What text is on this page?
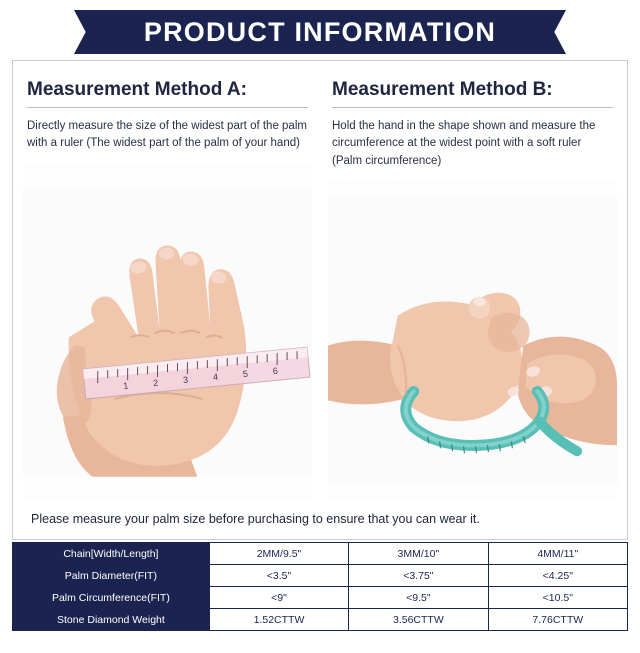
PRODUCT INFORMATION
Measurement Method A:
Directly measure the size of the widest part of the palm with a ruler (The widest part of the palm of your hand)
1	2	3	4	5	6
Measurement Method B:
Hold the hand in the shape shown and measure the circumference at the widest point with a soft ruler (Palm circumference)
Please measure your palm size before purchasing to ensure that you can wear it.
Chain[Width/Length]	2MM/9.5"	3MM/10"	4MM/11"
Palm Diameter(FIT)	<3.5"	<3.75"	<4.25"
Palm Circumference(FIT)	<9"	<9.5"	<10.5"
Stone Diamond Weight	1.52CTTW	3.56CTTW	7.76CTTW
